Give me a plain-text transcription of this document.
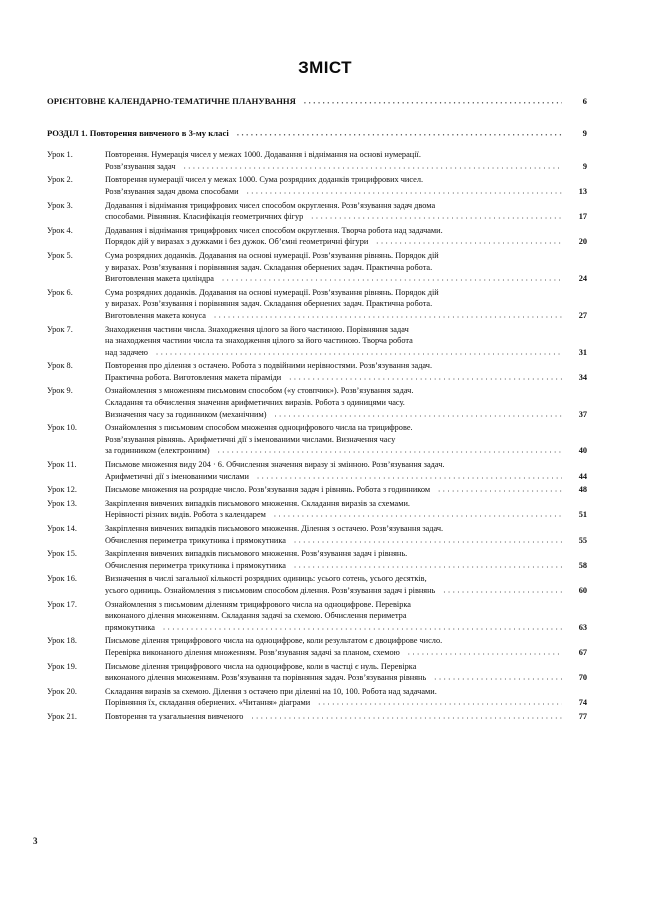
ЗМІСТ
ОРІЄНТОВНЕ КАЛЕНДАРНО-ТЕМАТИЧНЕ ПЛАНУВАННЯ .....	6
РОЗДІЛ 1. Повторення вивченого в 3-му класі .....	9
Урок 1.	Повторення. Нумерація чисел у межах 1000. Додавання і віднімання на основі нумерації.
Розв’язування задач .....	9
Урок 2.	Повторення нумерації чисел у межах 1000. Сума розрядних доданків трицифрових чисел.
Розв’язування задач двома способами .....	13
Урок 3.	Додавання і віднімання трицифрових чисел способом округлення. Розв’язування задач двома
способами. Рівняння. Класифікація геометричних фігур .....	17
Урок 4.	Додавання і віднімання трицифрових чисел способом округлення. Творча робота над задачами.
Порядок дій у виразах з дужками і без дужок. Об’ємні геометричні фігури .....	20
Урок 5.	Сума розрядних доданків. Додавання на основі нумерації. Розв’язування рівнянь. Порядок дій
у виразах. Розв’язування і порівняння задач. Складання обернених задач. Практична робота.
Виготовлення макета циліндра .....	24
Урок 6.	Сума розрядних доданків. Додавання на основі нумерації. Розв’язування рівнянь. Порядок дій
у виразах. Розв’язування і порівняння задач. Складання обернених задач. Практична робота.
Виготовлення макета конуса .....	27
Урок 7.	Знаходження частини числа. Знаходження цілого за його частиною. Порівняння задач
на знаходження частини числа та знаходження цілого за його частиною. Творча робота
над задачею .....	31
Урок 8.	Повторення про ділення з остачею. Робота з подвійними нерівностями. Розв’язування задач.
Практична робота. Виготовлення макета піраміди .....	34
Урок 9.	Ознайомлення з множенням письмовим способом («у стовпчик»). Розв’язування задач.
Складання та обчислення значення арифметичних виразів. Робота з одиницями часу.
Визначення часу за годинником (механічним) .....	37
Урок 10.	Ознайомлення з письмовим способом множення одноцифрового числа на трицифрове.
Розв’язування рівнянь. Арифметичні дії з іменованими числами. Визначення часу
за годинником (електронним) .....	40
Урок 11.	Письмове множення виду 204 · 6. Обчислення значення виразу зі змінною. Розв’язування задач.
Арифметичні дії з іменованими числами .....	44
Урок 12.	Письмове множення на розрядне число. Розв’язування задач і рівнянь. Робота з годинником .....	48
Урок 13.	Закріплення вивчених випадків письмового множення. Складання виразів за схемами.
Нерівності різних видів. Робота з календарем .....	51
Урок 14.	Закріплення вивчених випадків письмового множення. Ділення з остачею. Розв’язування задач.
Обчислення периметра трикутника і прямокутника .....	55
Урок 15.	Закріплення вивчених випадків письмового множення. Розв’язування задач і рівнянь.
Обчислення периметра трикутника і прямокутника .....	58
Урок 16.	Визначення в числі загальної кількості розрядних одиниць: усього сотень, усього десятків,
усього одиниць. Ознайомлення з письмовим способом ділення. Розв’язування задач і рівнянь .....	60
Урок 17.	Ознайомлення з письмовим діленням трицифрового числа на одноцифрове. Перевірка
виконаного ділення множенням. Складання задачі за схемою. Обчислення периметра
прямокутника .....	63
Урок 18.	Письмове ділення трицифрового числа на одноцифрове, коли результатом є двоцифрове число.
Перевірка виконаного ділення множенням. Розв’язування задачі за планом, схемою .....	67
Урок 19.	Письмове ділення трицифрового числа на одноцифрове, коли в частці є нуль. Перевірка
виконаного ділення множенням. Розв’язування та порівняння задач. Розв’язування рівнянь .....	70
Урок 20.	Складання виразів за схемою. Ділення з остачею при діленні на 10, 100. Робота над задачами.
Порівняння їх, складання обернених. «Читання» діаграми .....	74
Урок 21.	Повторення та узагальнення вивченого .....	77
3
